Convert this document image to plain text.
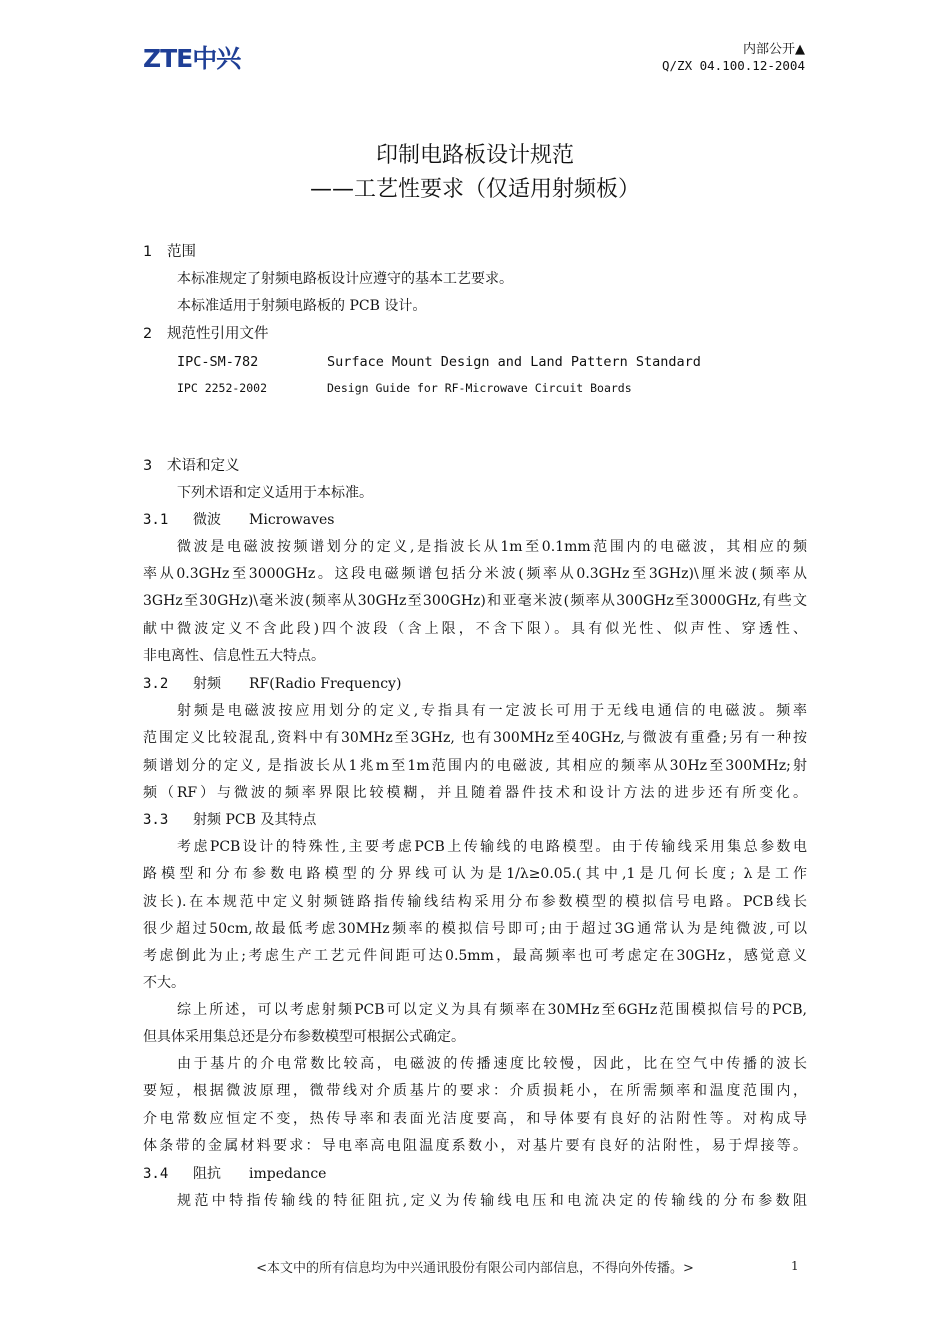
ZTE中兴	内部公开▲
Q/ZX 04.100.12-2004
印制电路板设计规范
——工艺性要求（仅适用射频板）
1 范围
本标准规定了射频电路板设计应遵守的基本工艺要求。
本标准适用于射频电路板的 PCB 设计。
2 规范性引用文件
IPC-SM-782	Surface Mount Design and Land Pattern Standard
IPC 2252-2002	Design Guide for RF-Microwave Circuit Boards
3 术语和定义
下列术语和定义适用于本标准。
3.1 微波 Microwaves
微波是电磁波按频谱划分的定义,是指波长从1m至0.1mm范围内的电磁波，其相应的频
率从0.3GHz至3000GHz。这段电磁频谱包括分米波(频率从0.3GHz至3GHz)\厘米波(频率从
3GHz至30GHz)\毫米波(频率从30GHz至300GHz)和亚毫米波(频率从300GHz至3000GHz,有些文
献中微波定义不含此段)四个波段（含上限，不含下限）。具有似光性、似声性、穿透性、
非电离性、信息性五大特点。
3.2 射频 RF(Radio Frequency)
射频是电磁波按应用划分的定义,专指具有一定波长可用于无线电通信的电磁波。频率
范围定义比较混乱,资料中有30MHz至3GHz, 也有300MHz至40GHz,与微波有重叠;另有一种按
频谱划分的定义, 是指波长从1兆m至1m范围内的电磁波, 其相应的频率从30Hz至300MHz;射
频（RF）与微波的频率界限比较模糊，并且随着器件技术和设计方法的进步还有所变化。
3.3 射频 PCB 及其特点
考虑PCB设计的特殊性,主要考虑PCB上传输线的电路模型。由于传输线采用集总参数电
路模型和分布参数电路模型的分界线可认为是1/λ≥0.05.(其中,1是几何长度; λ是工作
波长).在本规范中定义射频链路指传输线结构采用分布参数模型的模拟信号电路。PCB线长
很少超过50cm,故最低考虑30MHz频率的模拟信号即可;由于超过3G通常认为是纯微波,可以
考虑倒此为止;考虑生产工艺元件间距可达0.5mm，最高频率也可考虑定在30GHz，感觉意义
不大。
综上所述，可以考虑射频PCB可以定义为具有频率在30MHz至6GHz范围模拟信号的PCB,
但具体采用集总还是分布参数模型可根据公式确定。
由于基片的介电常数比较高，电磁波的传播速度比较慢，因此，比在空气中传播的波长
要短，根据微波原理，微带线对介质基片的要求：介质损耗小，在所需频率和温度范围内，
介电常数应恒定不变，热传导率和表面光洁度要高，和导体要有良好的沾附性等。对构成导
体条带的金属材料要求：导电率高电阻温度系数小，对基片要有良好的沾附性，易于焊接等。
3.4 阻抗 impedance
规范中特指传输线的特征阻抗,定义为传输线电压和电流决定的传输线的分布参数阻
<本文中的所有信息均为中兴通讯股份有限公司内部信息，不得向外传播。>	1
